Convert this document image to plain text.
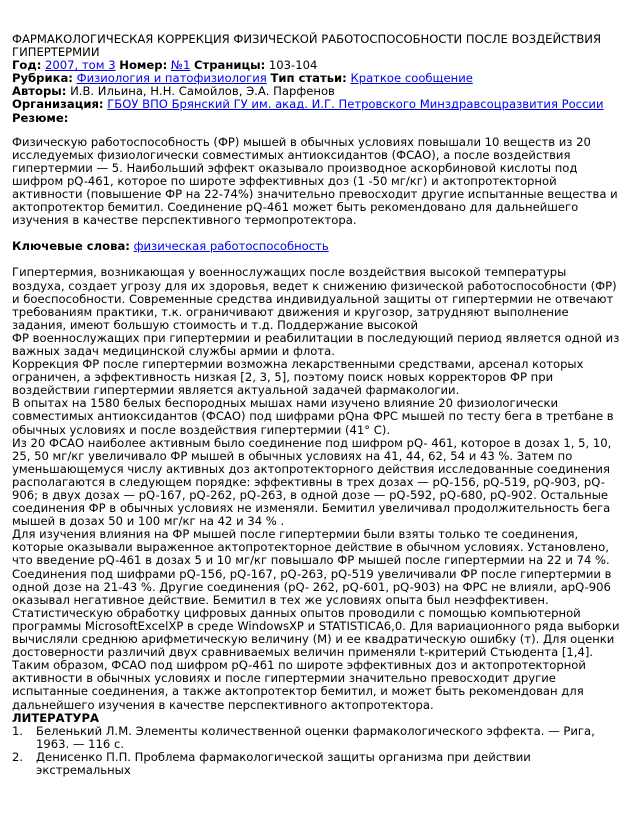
ФАРМАКОЛОГИЧЕСКАЯ КОРРЕКЦИЯ ФИЗИЧЕСКОЙ РАБОТОСПОСОБНОСТИ ПОСЛЕ ВОЗДЕЙСТВИЯ ГИПЕРТЕРМИИ
Год: 2007, том 3 Номер: №1 Страницы: 103-104
Рубрика: Физиология и патофизиология Тип статьи: Краткое сообщение
Авторы: И.В. Ильина, Н.Н. Самойлов, Э.А. Парфенов
Организация: ГБОУ ВПО Брянский ГУ им. акад. И.Г. Петровского Минздравсоцразвития России
Резюме:

Физическую работоспособность (ФР) мышей в обычных условиях повышали 10 веществ из 20 исследуемых физиологически совместимых антиоксидантов (ФСАО), а после воздействия гипертермии — 5. Наибольший эффект оказывало производное аскорбиновой кислоты под шифром pQ-461, которое по широте эффективных доз (1 -50 мг/кг) и актопротекторной активности (повышение ФР на 22-74%) значительно превосходит другие испытанные вещества и актопротектор бемитил. Соединение pQ-461 может быть рекомендовано для дальнейшего изучения в качестве перспективного термопротектора.

Ключевые слова: физическая работоспособность

Гипертермия, возникающая у военнослужащих после воздействия высокой температуры воздуха, создает угрозу для их здоровья, ведет к снижению физической работоспособности (ФР) и боеспособности. Современные средства индивидуальной защиты от гипертермии не отвечают требованиям практики, т.к. ограничивают движения и кругозор, затрудняют выполнение задания, имеют большую стоимость и т.д. Поддержание высокой

ФР военнослужащих при гипертермии и реабилитации в последующий период является одной из важных задач медицинской службы армии и флота.

Коррекция ФР после гипертермии возможна лекарственными средствами, арсенал которых ограничен, а эффективность низкая [2, 3, 5], поэтому поиск новых корректоров ФР при воздействии гипертермии является актуальной задачей фармакологии.

В опытах на 1580 белых беспородных мышах нами изучено влияние 20 физиологически совместимых антиоксидантов (ФСАО) под шифрами pQна ФРС мышей по тесту бега в третбане в обычных условиях и после воздействия гипертермии (41° С).

Из 20 ФСАО наиболее активным было соединение под шифром pQ- 461, которое в дозах 1, 5, 10, 25, 50 мг/кг увеличивало ФР мышей в обычных условиях на 41, 44, 62, 54 и 43 %. Затем по уменьшающемуся числу активных доз актопротекторного действия исследованные соединения располагаются в следующем порядке: эффективны в трех дозах — pQ-156, pQ-519, pQ-903, pQ-906; в двух дозах — pQ-167, pQ-262, pQ-263, в одной дозе — pQ-592, pQ-680, pQ-902. Остальные соединения ФР в обычных условиях не изменяли. Бемитил увеличивал продолжительность бега мышей в дозах 50 и 100 мг/кг на 42 и 34 % .

Для изучения влияния на ФР мышей после гипертермии были взяты только те соединения, которые оказывали выраженное актопротекторное действие в обычном условиях. Установлено, что введение pQ-461 в дозах 5 и 10 мг/кг повышало ФР мышей после гипертермии на 22 и 74 %. Соединения под шифрами pQ-156, pQ-167, pQ-263, pQ-519 увеличивали ФР после гипертермии в одной дозе на 21-43 %. Другие соединения (pQ- 262, pQ-601, pQ-903) на ФРС не влияли, apQ-906 оказывал негативное действие. Бемитил в тех же условиях опыта был неэффективен.

Статистическую обработку цифровых данных опытов проводили с помощью компьютерной программы MicrosoftExcelXP в среде WindowsXP и STATISTICA6,0. Для вариационного ряда выборки вычисляли среднюю арифметическую величину (М) и ее квадратическую ошибку (т). Для оценки достоверности различий двух сравниваемых величин применяли t-критерий Стьюдента [1,4].

Таким образом, ФСАО под шифром pQ-461 по широте эффективных доз и актопротекторной активности в обычных условиях и после гипертермии значительно превосходит другие испытанные соединения, а также актопротектор бемитил, и может быть рекомендован для дальнейшего изучения в качестве перспективного актопротектора.

ЛИТЕРАТУРА
1.	Беленький Л.М. Элементы количественной оценки фармакологического эффекта. — Рига, 1963. — 116 с.
2.	Денисенко П.П. Проблема фармакологической защиты организма при действии экстремальных
